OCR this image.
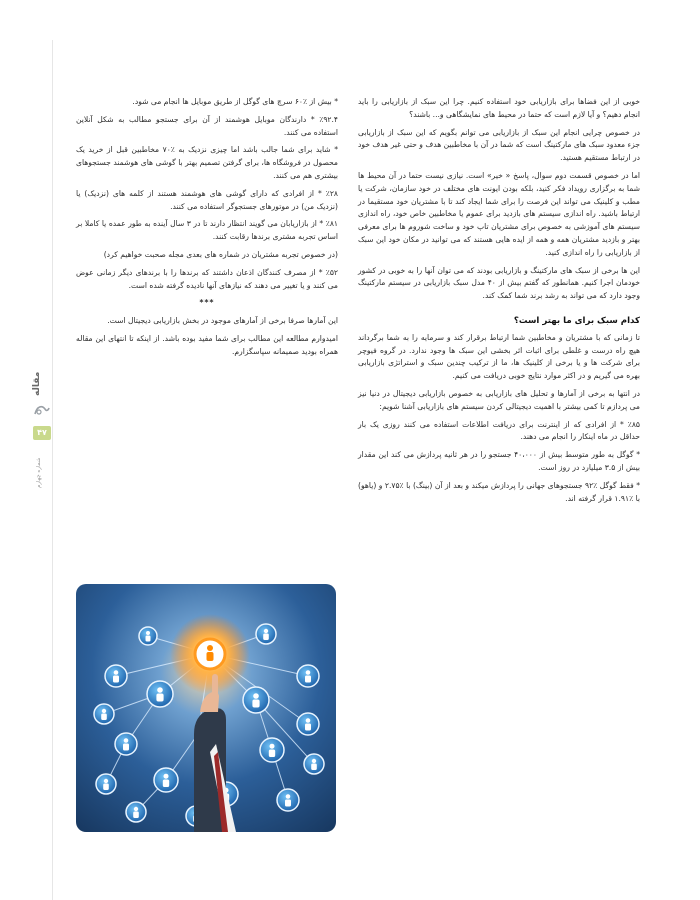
مقاله
۴۷
شماره چهارم

خوبی از این فضاها برای بازاریابی خود استفاده کنیم. چرا این سبک از بازاریابی را باید انجام دهیم؟ و آیا لازم است که حتما در محیط های نمایشگاهی و... باشند؟

در خصوص چرایی انجام این سبک از بازاریابی می توانم بگویم که این سبک از بازاریابی جزء معدود سبک های مارکتینگ است که شما در آن با مخاطبین هدف و حتی غیر هدف خود در ارتباط مستقیم هستید.

اما در خصوص قسمت دوم سوال، پاسخ « خیر» است. نیازی نیست حتما در آن محیط ها شما به برگزاری رویداد فکر کنید، بلکه بودن ایونت های مختلف در خود سازمان، شرکت یا مطب و کلینیک می تواند این فرصت را برای شما ایجاد کند تا با مشتریان خود مستقیما در ارتباط باشید. راه اندازی سیستم های بازدید برای عموم یا مخاطبین خاص خود، راه اندازی سیستم های آموزشی به خصوص برای مشتریان تاپ خود و ساخت شوروم ها برای معرفی بهتر و بازدید مشتریان همه و همه از ایده هایی هستند که می توانید در مکان خود این سبک از بازاریابی را راه اندازی کنید.

این ها برخی از سبک های مارکتینگ و بازاریابی بودند که می توان آنها را به خوبی در کشور خودمان اجرا کنیم. همانطور که گفتم بیش از ۴۰ مدل سبک بازاریابی در سیستم مارکتینگ وجود دارد که می تواند به رشد برند شما کمک کند.

کدام سبک برای ما بهتر است؟

تا زمانی که با مشتریان و مخاطبین شما ارتباط برقرار کند و سرمایه را به شما برگرداند هیچ راه درست و غلطی برای اثبات اثر بخشی این سبک ها وجود ندارد. در گروه فیوچر برای شرکت ها و یا برخی از کلینیک ها، ما از ترکیب چندین سبک و استراتژی بازاریابی بهره می گیریم و در اکثر موارد نتایج خوبی دریافت می کنیم.

در انتها به برخی از آمارها و تحلیل های بازاریابی به خصوص بازاریابی دیجیتال در دنیا نیز می پردازم تا کمی بیشتر با اهمیت دیجیتالی کردن سیستم های بازاریابی آشنا شویم:

٪۸۵ * از افرادی که از اینترنت برای دریافت اطلاعات استفاده می کنند روزی یک بار حداقل در ماه اینکار را انجام می دهند.

* گوگل به طور متوسط بیش از ۴۰،۰۰۰ جستجو را در هر ثانیه پردازش می کند این مقدار بیش از ۳.۵ میلیارد در روز است.

* فقط گوگل ٪۹۲ جستجوهای جهانی را پردازش میکند و بعد از آن (بینگ) با ٪۲.۷۵ و (یاهو) با ٪۱.۹۱ قرار گرفته اند.

* بیش از ٪۶۰ سرچ های گوگل از طریق موبایل ها انجام می شود.

٪۹۲.۴ * دارندگان موبایل هوشمند از آن برای جستجو مطالب به شکل آنلاین استفاده می کنند.

* شاید برای شما جالب باشد اما چیزی نزدیک به ٪۷۰ مخاطبین قبل از خرید یک محصول در فروشگاه ها، برای گرفتن تصمیم بهتر با گوشی های هوشمند جستجوهای بیشتری هم می کنند.

٪۲۸ * از افرادی که دارای گوشی های هوشمند هستند از کلمه های (نزدیک) یا (نزدیک من) در موتورهای جستجوگر استفاده می کنند.

٪۸۱ * از بازاریابان می گویند انتظار دارند تا در ۳ سال آینده به طور عمده یا کاملا بر اساس تجربه مشتری برندها رقابت کنند.

(در خصوص تجربه مشتریان در شماره های بعدی مجله صحبت خواهیم کرد)

٪۵۲ * از مصرف کنندگان اذعان داشتند که برندها را با برندهای دیگر زمانی عوض می کنند و یا تغییر می دهند که نیازهای آنها نادیده گرفته شده است.

***

این آمارها صرفا برخی از آمارهای موجود در بخش بازاریابی دیجیتال است.

امیدوارم مطالعه این مطالب برای شما مفید بوده باشد. از اینکه تا انتهای این مقاله همراه بودید صمیمانه سپاسگزارم.
